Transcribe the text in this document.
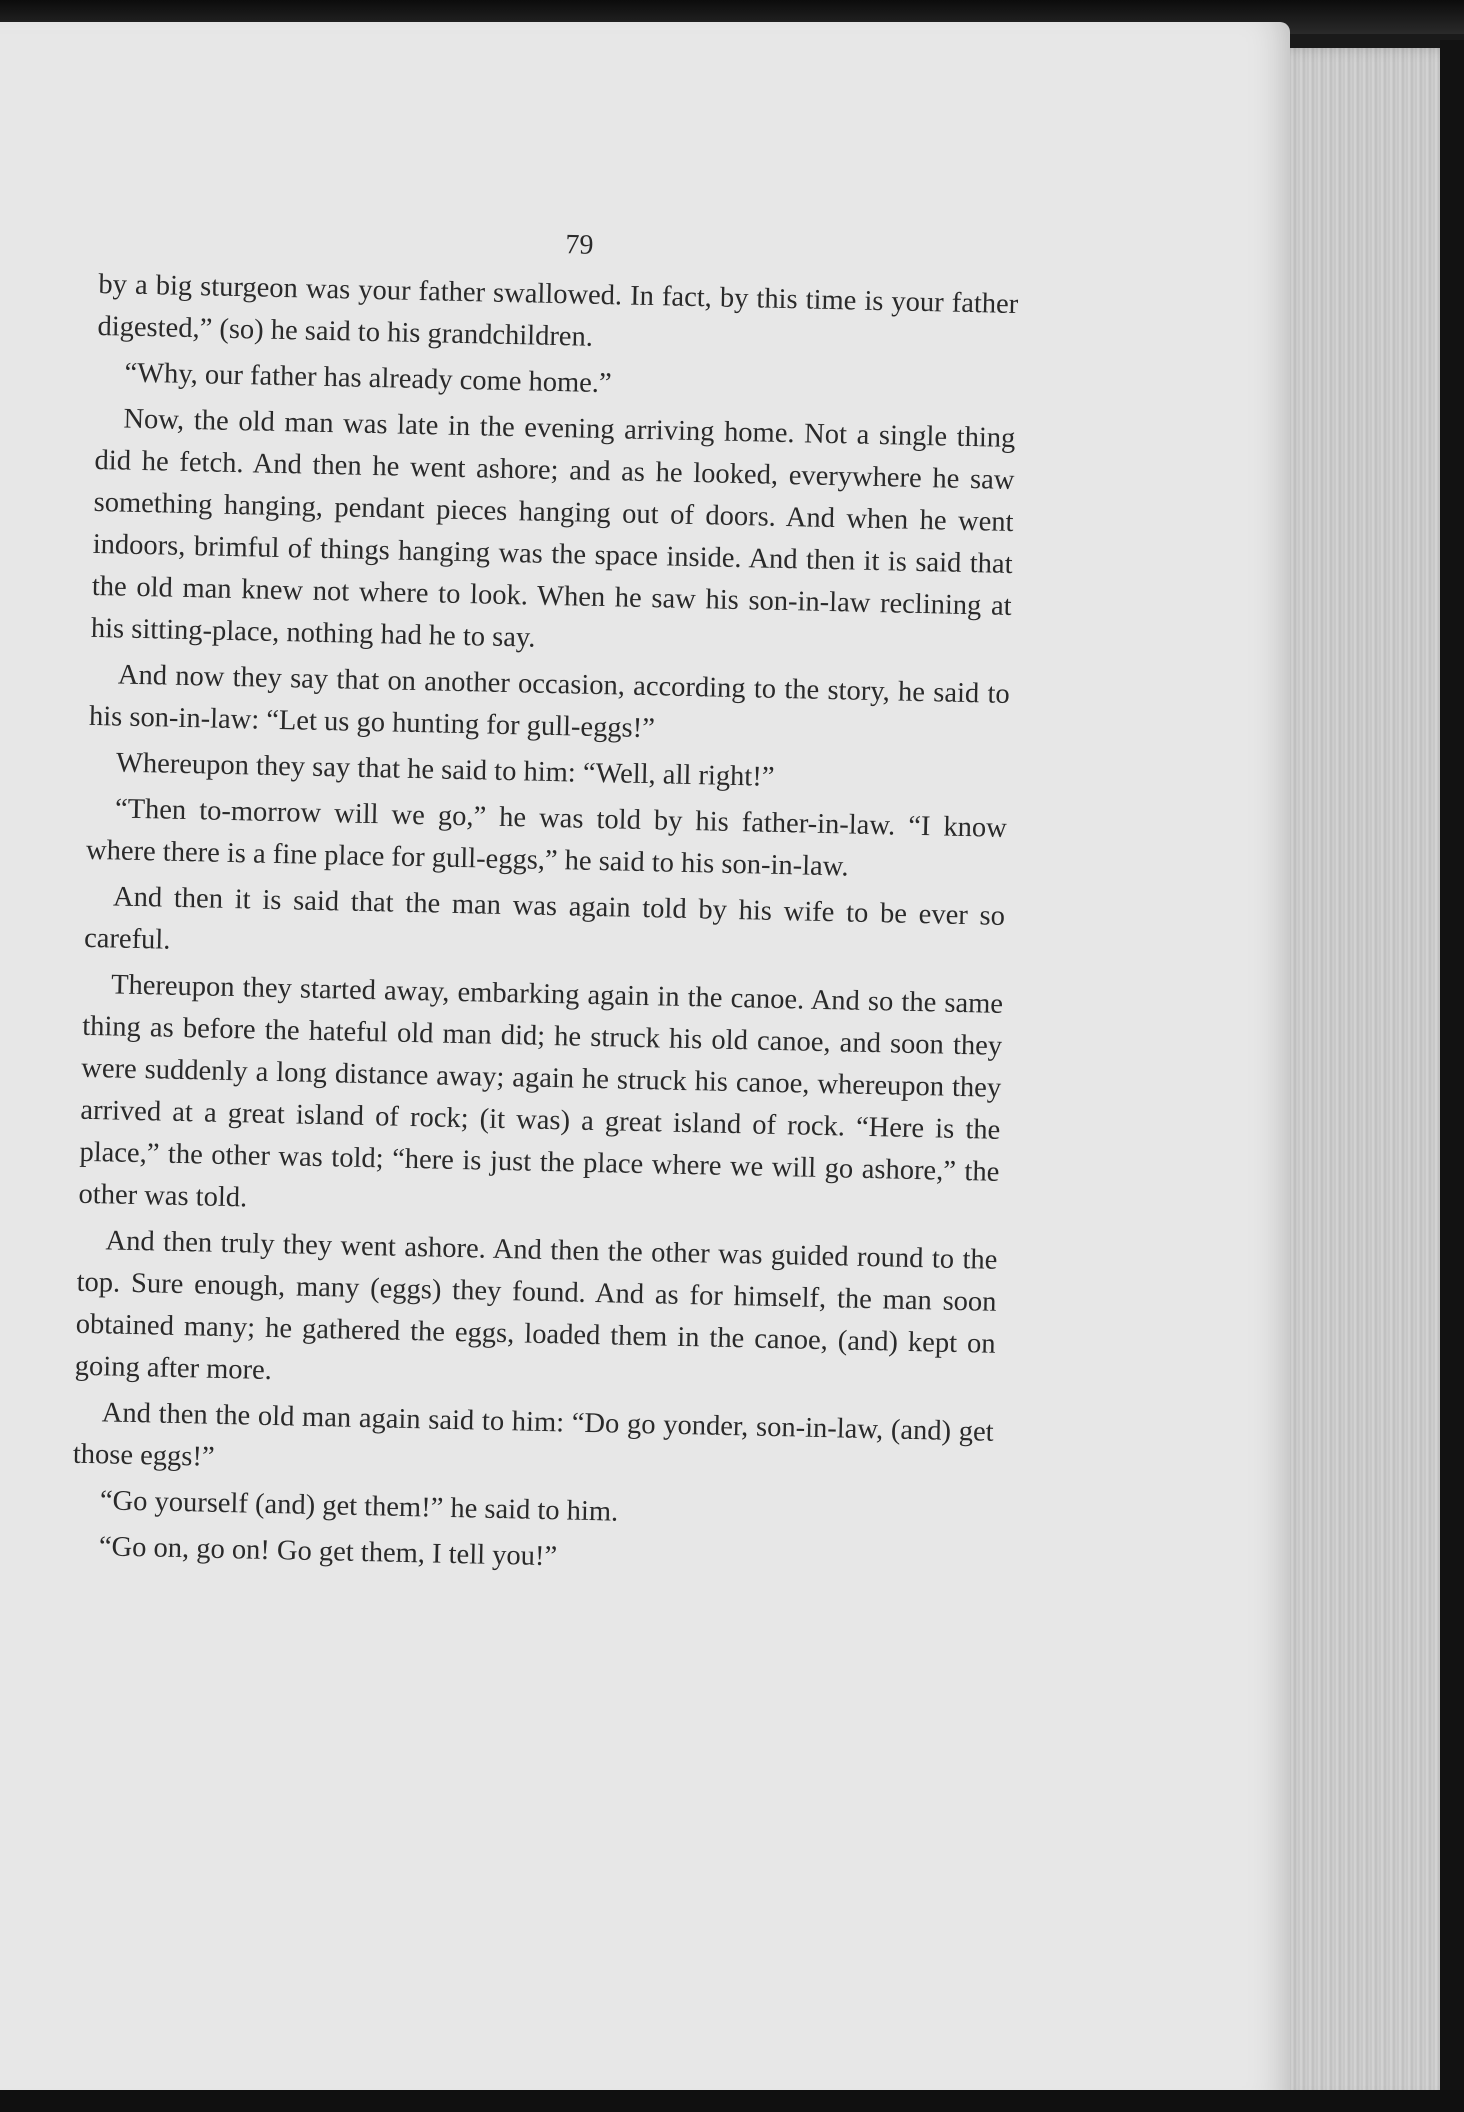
79

by a big sturgeon was your father swallowed. In fact, by this time is your father digested,” (so) he said to his grandchildren.

“Why, our father has already come home.”

Now, the old man was late in the evening arriving home. Not a single thing did he fetch. And then he went ashore; and as he looked, everywhere he saw something hanging, pendant pieces hanging out of doors. And when he went indoors, brimful of things hanging was the space inside. And then it is said that the old man knew not where to look. When he saw his son-in-law reclining at his sitting-place, nothing had he to say.

And now they say that on another occasion, according to the story, he said to his son-in-law: “Let us go hunting for gull-eggs!”

Whereupon they say that he said to him: “Well, all right!”

“Then to-morrow will we go,” he was told by his father-in-law. “I know where there is a fine place for gull-eggs,” he said to his son-in-law.

And then it is said that the man was again told by his wife to be ever so careful.

Thereupon they started away, embarking again in the canoe. And so the same thing as before the hateful old man did; he struck his old canoe, and soon they were suddenly a long distance away; again he struck his canoe, whereupon they arrived at a great island of rock; (it was) a great island of rock. “Here is the place,” the other was told; “here is just the place where we will go ashore,” the other was told.

And then truly they went ashore. And then the other was guided round to the top. Sure enough, many (eggs) they found. And as for himself, the man soon obtained many; he gathered the eggs, loaded them in the canoe, (and) kept on going after more.

And then the old man again said to him: “Do go yonder, son-in-law, (and) get those eggs!”

“Go yourself (and) get them!” he said to him.

“Go on, go on! Go get them, I tell you!”
